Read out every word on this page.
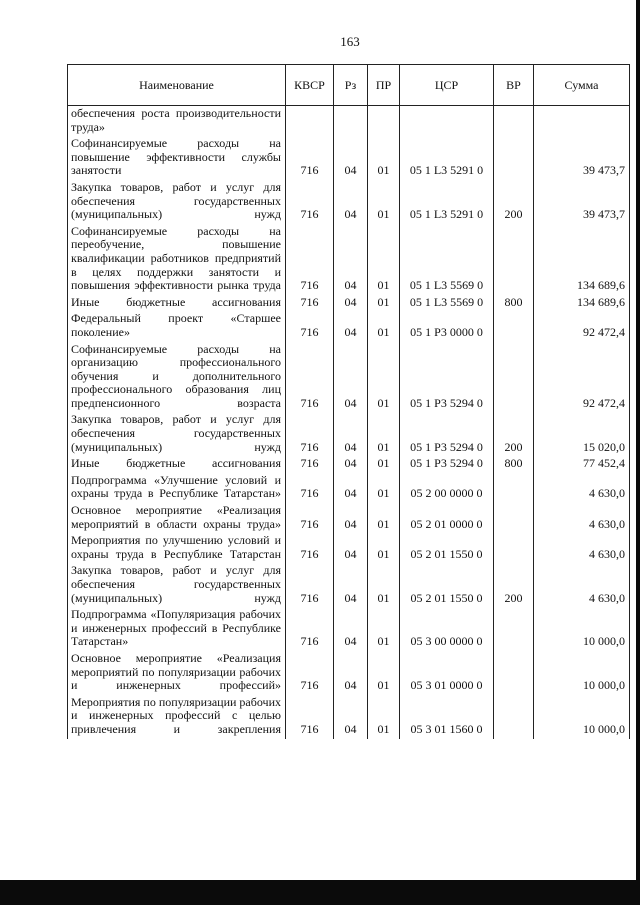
163
Наименование	КВСР	Рз	ПР	ЦСР	ВР	Сумма
обеспечения роста производительности труда»						
Софинансируемые расходы на повышение эффективности службы занятости	716	04	01	05 1 L3 5291 0		39 473,7
Закупка товаров, работ и услуг для обеспечения государственных (муниципальных) нужд	716	04	01	05 1 L3 5291 0	200	39 473,7
Софинансируемые расходы на переобучение, повышение квалификации работников предприятий в целях поддержки занятости и повышения эффективности рынка труда	716	04	01	05 1 L3 5569 0		134 689,6
Иные бюджетные ассигнования	716	04	01	05 1 L3 5569 0	800	134 689,6
Федеральный проект «Старшее поколение»	716	04	01	05 1 P3 0000 0		92 472,4
Софинансируемые расходы на организацию профессионального обучения и дополнительного профессионального образования лиц предпенсионного возраста	716	04	01	05 1 P3 5294 0		92 472,4
Закупка товаров, работ и услуг для обеспечения государственных (муниципальных) нужд	716	04	01	05 1 P3 5294 0	200	15 020,0
Иные бюджетные ассигнования	716	04	01	05 1 P3 5294 0	800	77 452,4
Подпрограмма «Улучшение условий и охраны труда в Республике Татарстан»	716	04	01	05 2 00 0000 0		4 630,0
Основное мероприятие «Реализация мероприятий в области охраны труда»	716	04	01	05 2 01 0000 0		4 630,0
Мероприятия по улучшению условий и охраны труда в Республике Татарстан	716	04	01	05 2 01 1550 0		4 630,0
Закупка товаров, работ и услуг для обеспечения государственных (муниципальных) нужд	716	04	01	05 2 01 1550 0	200	4 630,0
Подпрограмма «Популяризация рабочих и инженерных профессий в Республике Татарстан»	716	04	01	05 3 00 0000 0		10 000,0
Основное мероприятие «Реализация мероприятий по популяризации рабочих и инженерных профессий»	716	04	01	05 3 01 0000 0		10 000,0
Мероприятия по популяризации рабочих и инженерных профессий с целью привлечения и закрепления	716	04	01	05 3 01 1560 0		10 000,0
